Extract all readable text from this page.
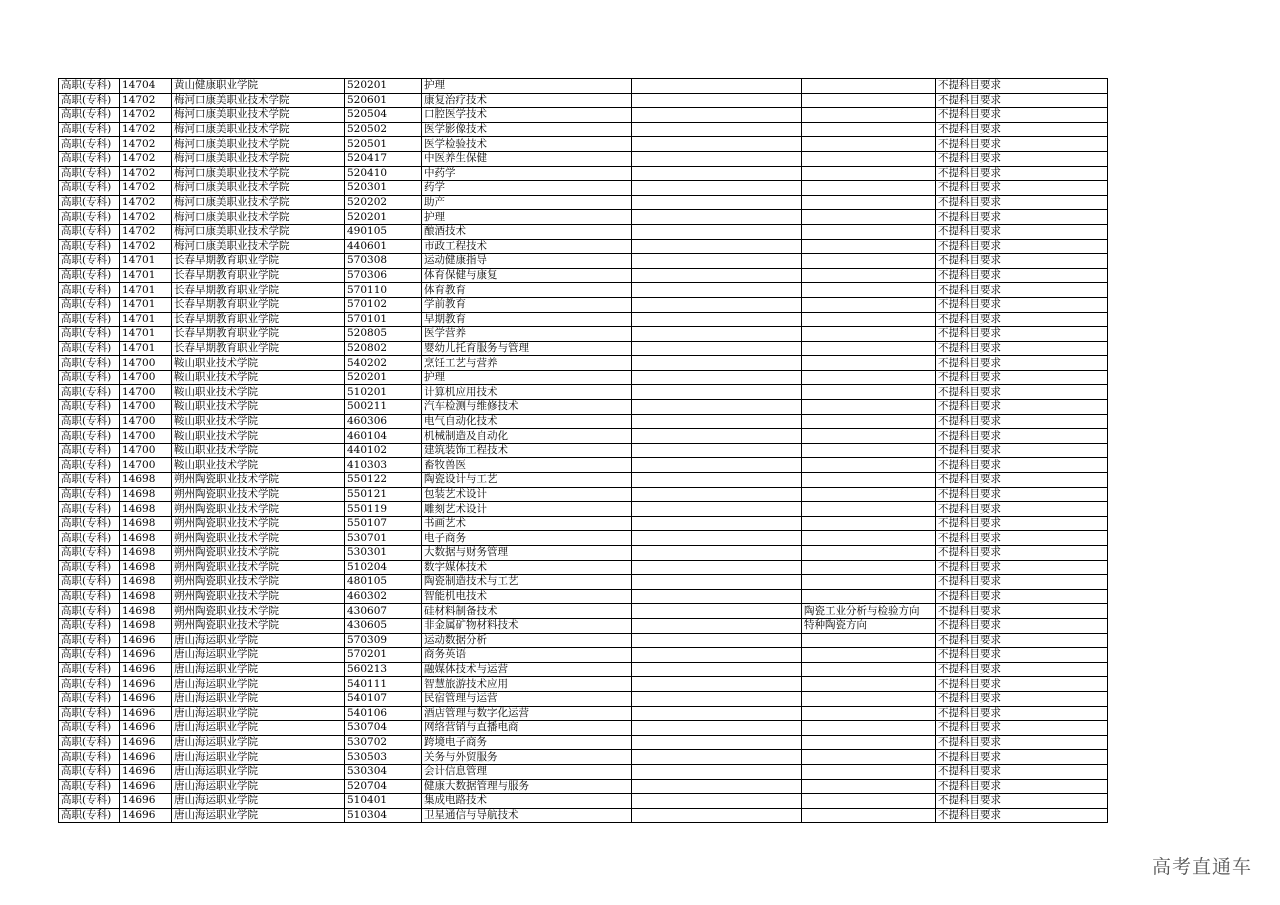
高职(专科)	14704	黄山健康职业学院	520201	护理			不提科目要求
高职(专科)	14702	梅河口康美职业技术学院	520601	康复治疗技术			不提科目要求
高职(专科)	14702	梅河口康美职业技术学院	520504	口腔医学技术			不提科目要求
高职(专科)	14702	梅河口康美职业技术学院	520502	医学影像技术			不提科目要求
高职(专科)	14702	梅河口康美职业技术学院	520501	医学检验技术			不提科目要求
高职(专科)	14702	梅河口康美职业技术学院	520417	中医养生保健			不提科目要求
高职(专科)	14702	梅河口康美职业技术学院	520410	中药学			不提科目要求
高职(专科)	14702	梅河口康美职业技术学院	520301	药学			不提科目要求
高职(专科)	14702	梅河口康美职业技术学院	520202	助产			不提科目要求
高职(专科)	14702	梅河口康美职业技术学院	520201	护理			不提科目要求
高职(专科)	14702	梅河口康美职业技术学院	490105	酿酒技术			不提科目要求
高职(专科)	14702	梅河口康美职业技术学院	440601	市政工程技术			不提科目要求
高职(专科)	14701	长春早期教育职业学院	570308	运动健康指导			不提科目要求
高职(专科)	14701	长春早期教育职业学院	570306	体育保健与康复			不提科目要求
高职(专科)	14701	长春早期教育职业学院	570110	体育教育			不提科目要求
高职(专科)	14701	长春早期教育职业学院	570102	学前教育			不提科目要求
高职(专科)	14701	长春早期教育职业学院	570101	早期教育			不提科目要求
高职(专科)	14701	长春早期教育职业学院	520805	医学营养			不提科目要求
高职(专科)	14701	长春早期教育职业学院	520802	婴幼儿托育服务与管理			不提科目要求
高职(专科)	14700	鞍山职业技术学院	540202	烹饪工艺与营养			不提科目要求
高职(专科)	14700	鞍山职业技术学院	520201	护理			不提科目要求
高职(专科)	14700	鞍山职业技术学院	510201	计算机应用技术			不提科目要求
高职(专科)	14700	鞍山职业技术学院	500211	汽车检测与维修技术			不提科目要求
高职(专科)	14700	鞍山职业技术学院	460306	电气自动化技术			不提科目要求
高职(专科)	14700	鞍山职业技术学院	460104	机械制造及自动化			不提科目要求
高职(专科)	14700	鞍山职业技术学院	440102	建筑装饰工程技术			不提科目要求
高职(专科)	14700	鞍山职业技术学院	410303	畜牧兽医			不提科目要求
高职(专科)	14698	朔州陶瓷职业技术学院	550122	陶瓷设计与工艺			不提科目要求
高职(专科)	14698	朔州陶瓷职业技术学院	550121	包装艺术设计			不提科目要求
高职(专科)	14698	朔州陶瓷职业技术学院	550119	雕刻艺术设计			不提科目要求
高职(专科)	14698	朔州陶瓷职业技术学院	550107	书画艺术			不提科目要求
高职(专科)	14698	朔州陶瓷职业技术学院	530701	电子商务			不提科目要求
高职(专科)	14698	朔州陶瓷职业技术学院	530301	大数据与财务管理			不提科目要求
高职(专科)	14698	朔州陶瓷职业技术学院	510204	数字媒体技术			不提科目要求
高职(专科)	14698	朔州陶瓷职业技术学院	480105	陶瓷制造技术与工艺			不提科目要求
高职(专科)	14698	朔州陶瓷职业技术学院	460302	智能机电技术			不提科目要求
高职(专科)	14698	朔州陶瓷职业技术学院	430607	硅材料制备技术		陶瓷工业分析与检验方向	不提科目要求
高职(专科)	14698	朔州陶瓷职业技术学院	430605	非金属矿物材料技术		特种陶瓷方向	不提科目要求
高职(专科)	14696	唐山海运职业学院	570309	运动数据分析			不提科目要求
高职(专科)	14696	唐山海运职业学院	570201	商务英语			不提科目要求
高职(专科)	14696	唐山海运职业学院	560213	融媒体技术与运营			不提科目要求
高职(专科)	14696	唐山海运职业学院	540111	智慧旅游技术应用			不提科目要求
高职(专科)	14696	唐山海运职业学院	540107	民宿管理与运营			不提科目要求
高职(专科)	14696	唐山海运职业学院	540106	酒店管理与数字化运营			不提科目要求
高职(专科)	14696	唐山海运职业学院	530704	网络营销与直播电商			不提科目要求
高职(专科)	14696	唐山海运职业学院	530702	跨境电子商务			不提科目要求
高职(专科)	14696	唐山海运职业学院	530503	关务与外贸服务			不提科目要求
高职(专科)	14696	唐山海运职业学院	530304	会计信息管理			不提科目要求
高职(专科)	14696	唐山海运职业学院	520704	健康大数据管理与服务			不提科目要求
高职(专科)	14696	唐山海运职业学院	510401	集成电路技术			不提科目要求
高职(专科)	14696	唐山海运职业学院	510304	卫星通信与导航技术			不提科目要求
高考直通车
